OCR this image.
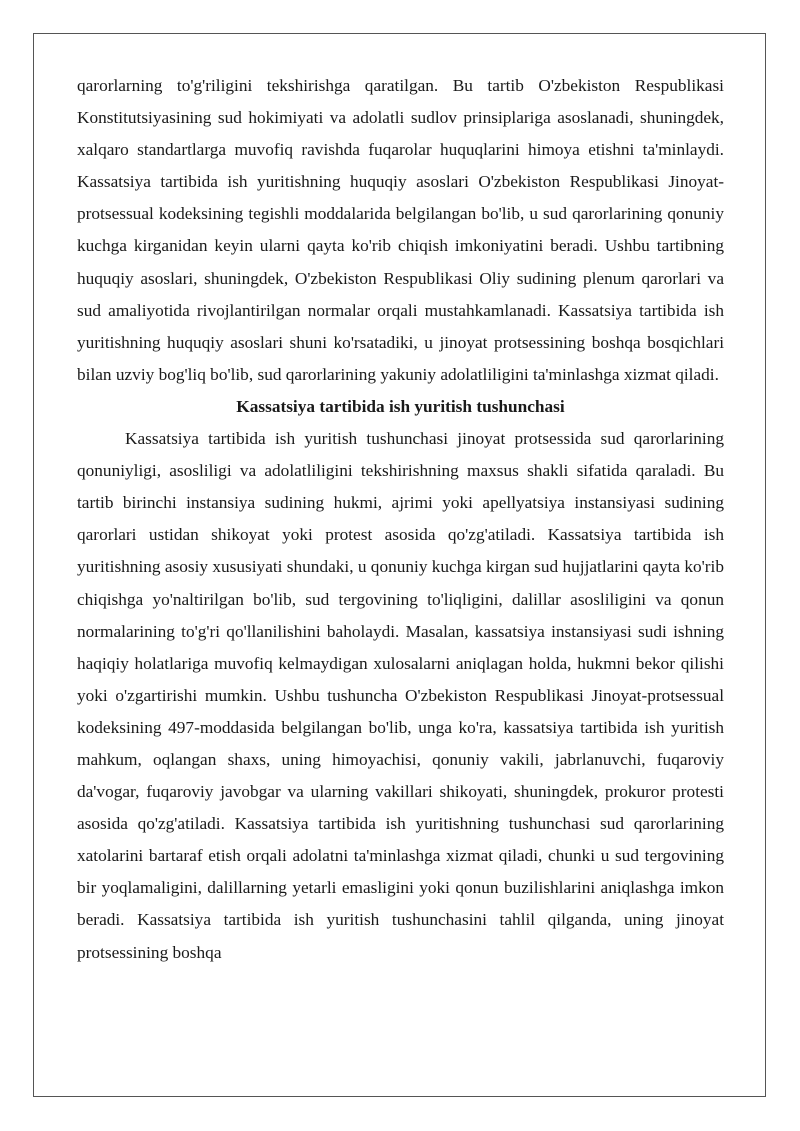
qarorlarning to'g'riligini tekshirishga qaratilgan. Bu tartib O'zbekiston Respublikasi Konstitutsiyasining sud hokimiyati va adolatli sudlov prinsiplariga asoslanadi, shuningdek, xalqaro standartlarga muvofiq ravishda fuqarolar huquqlarini himoya etishni ta'minlaydi. Kassatsiya tartibida ish yuritishning huquqiy asoslari O'zbekiston Respublikasi Jinoyat-protsessual kodeksining tegishli moddalarida belgilangan bo'lib, u sud qarorlarining qonuniy kuchga kirganidan keyin ularni qayta ko'rib chiqish imkoniyatini beradi. Ushbu tartibning huquqiy asoslari, shuningdek, O'zbekiston Respublikasi Oliy sudining plenum qarorlari va sud amaliyotida rivojlantirilgan normalar orqali mustahkamlanadi. Kassatsiya tartibida ish yuritishning huquqiy asoslari shuni ko'rsatadiki, u jinoyat protsessining boshqa bosqichlari bilan uzviy bog'liq bo'lib, sud qarorlarining yakuniy adolatliligini ta'minlashga xizmat qiladi.

Kassatsiya tartibida ish yuritish tushunchasi

Kassatsiya tartibida ish yuritish tushunchasi jinoyat protsessida sud qarorlarining qonuniyligi, asosliligi va adolatliligini tekshirishning maxsus shakli sifatida qaraladi. Bu tartib birinchi instansiya sudining hukmi, ajrimi yoki apellyatsiya instansiyasi sudining qarorlari ustidan shikoyat yoki protest asosida qo'zg'atiladi. Kassatsiya tartibida ish yuritishning asosiy xususiyati shundaki, u qonuniy kuchga kirgan sud hujjatlarini qayta ko'rib chiqishga yo'naltirilgan bo'lib, sud tergovining to'liqligini, dalillar asosliligini va qonun normalarining to'g'ri qo'llanilishini baholaydi. Masalan, kassatsiya instansiyasi sudi ishning haqiqiy holatlariga muvofiq kelmaydigan xulosalarni aniqlagan holda, hukmni bekor qilishi yoki o'zgartirishi mumkin. Ushbu tushuncha O'zbekiston Respublikasi Jinoyat-protsessual kodeksining 497-moddasida belgilangan bo'lib, unga ko'ra, kassatsiya tartibida ish yuritish mahkum, oqlangan shaxs, uning himoyachisi, qonuniy vakili, jabrlanuvchi, fuqaroviy da'vogar, fuqaroviy javobgar va ularning vakillari shikoyati, shuningdek, prokuror protesti asosida qo'zg'atiladi. Kassatsiya tartibida ish yuritishning tushunchasi sud qarorlarining xatolarini bartaraf etish orqali adolatni ta'minlashga xizmat qiladi, chunki u sud tergovining bir yoqlamaligini, dalillarning yetarli emasligini yoki qonun buzilishlarini aniqlashga imkon beradi. Kassatsiya tartibida ish yuritish tushunchasini tahlil qilganda, uning jinoyat protsessining boshqa
